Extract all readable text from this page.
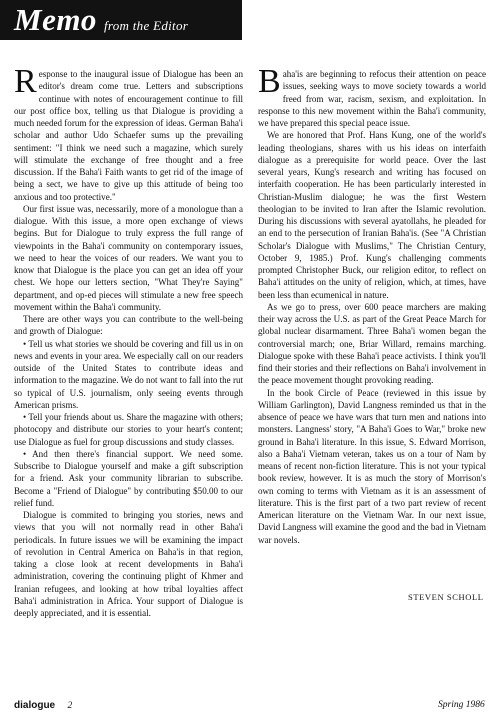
Memo from the Editor

Response to the inaugural issue of Dialogue has been an editor's dream come true. Letters and subscriptions continue with notes of encouragement continue to fill our post office box, telling us that Dialogue is providing a much needed forum for the expression of ideas. German Baha'i scholar and author Udo Schaefer sums up the prevailing sentiment: "I think we need such a magazine, which surely will stimulate the exchange of free thought and a free discussion. If the Baha'i Faith wants to get rid of the image of being a sect, we have to give up this attitude of being too anxious and too protective."

Our first issue was, necessarily, more of a monologue than a dialogue. With this issue, a more open exchange of views begins. But for Dialogue to truly express the full range of viewpoints in the Baha'i community on contemporary issues, we need to hear the voices of our readers. We want you to know that Dialogue is the place you can get an idea off your chest. We hope our letters section, "What They're Saying" department, and op-ed pieces will stimulate a new free speech movement within the Baha'i community.

There are other ways you can contribute to the well-being and growth of Dialogue:

• Tell us what stories we should be covering and fill us in on news and events in your area. We especially call on our readers outside of the United States to contribute ideas and information to the magazine. We do not want to fall into the rut so typical of U.S. journalism, only seeing events through American prisms.

• Tell your friends about us. Share the magazine with others; photocopy and distribute our stories to your heart's content; use Dialogue as fuel for group discussions and study classes.

• And then there's financial support. We need some. Subscribe to Dialogue yourself and make a gift subscription for a friend. Ask your community librarian to subscribe. Become a "Friend of Dialogue" by contributing $50.00 to our relief fund.

Dialogue is commited to bringing you stories, news and views that you will not normally read in other Baha'i periodicals. In future issues we will be examining the impact of revolution in Central America on Baha'is in that region, taking a close look at recent developments in Baha'i administration, covering the continuing plight of Khmer and Iranian refugees, and looking at how tribal loyalties affect Baha'i administration in Africa. Your support of Dialogue is deeply appreciated, and it is essential.

Baha'is are beginning to refocus their attention on peace issues, seeking ways to move society towards a world freed from war, racism, sexism, and exploitation. In response to this new movement within the Baha'i community, we have prepared this special peace issue.

We are honored that Prof. Hans Kung, one of the world's leading theologians, shares with us his ideas on interfaith dialogue as a prerequisite for world peace. Over the last several years, Kung's research and writing has focused on interfaith cooperation. He has been particularly interested in Christian-Muslim dialogue; he was the first Western theologian to be invited to Iran after the Islamic revolution. During his discussions with several ayatollahs, he pleaded for an end to the persecution of Iranian Baha'is. (See "A Christian Scholar's Dialogue with Muslims," The Christian Century, October 9, 1985.) Prof. Kung's challenging comments prompted Christopher Buck, our religion editor, to reflect on Baha'i attitudes on the unity of religion, which, at times, have been less than ecumenical in nature.

As we go to press, over 600 peace marchers are making their way across the U.S. as part of the Great Peace March for global nuclear disarmament. Three Baha'i women began the controversial march; one, Briar Willard, remains marching. Dialogue spoke with these Baha'i peace activists. I think you'll find their stories and their reflections on Baha'i involvement in the peace movement thought provoking reading.

In the book Circle of Peace (reviewed in this issue by William Garlington), David Langness reminded us that in the absence of peace we have wars that turn men and nations into monsters. Langness' story, "A Baha'i Goes to War," broke new ground in Baha'i literature. In this issue, S. Edward Morrison, also a Baha'i Vietnam veteran, takes us on a tour of Nam by means of recent non-fiction literature. This is not your typical book review, however. It is as much the story of Morrison's own coming to terms with Vietnam as it is an assessment of literature. This is the first part of a two part review of recent American literature on the Vietnam War. In our next issue, David Langness will examine the good and the bad in Vietnam war novels.

STEVEN SCHOLL
dialogue 2	Spring 1986
